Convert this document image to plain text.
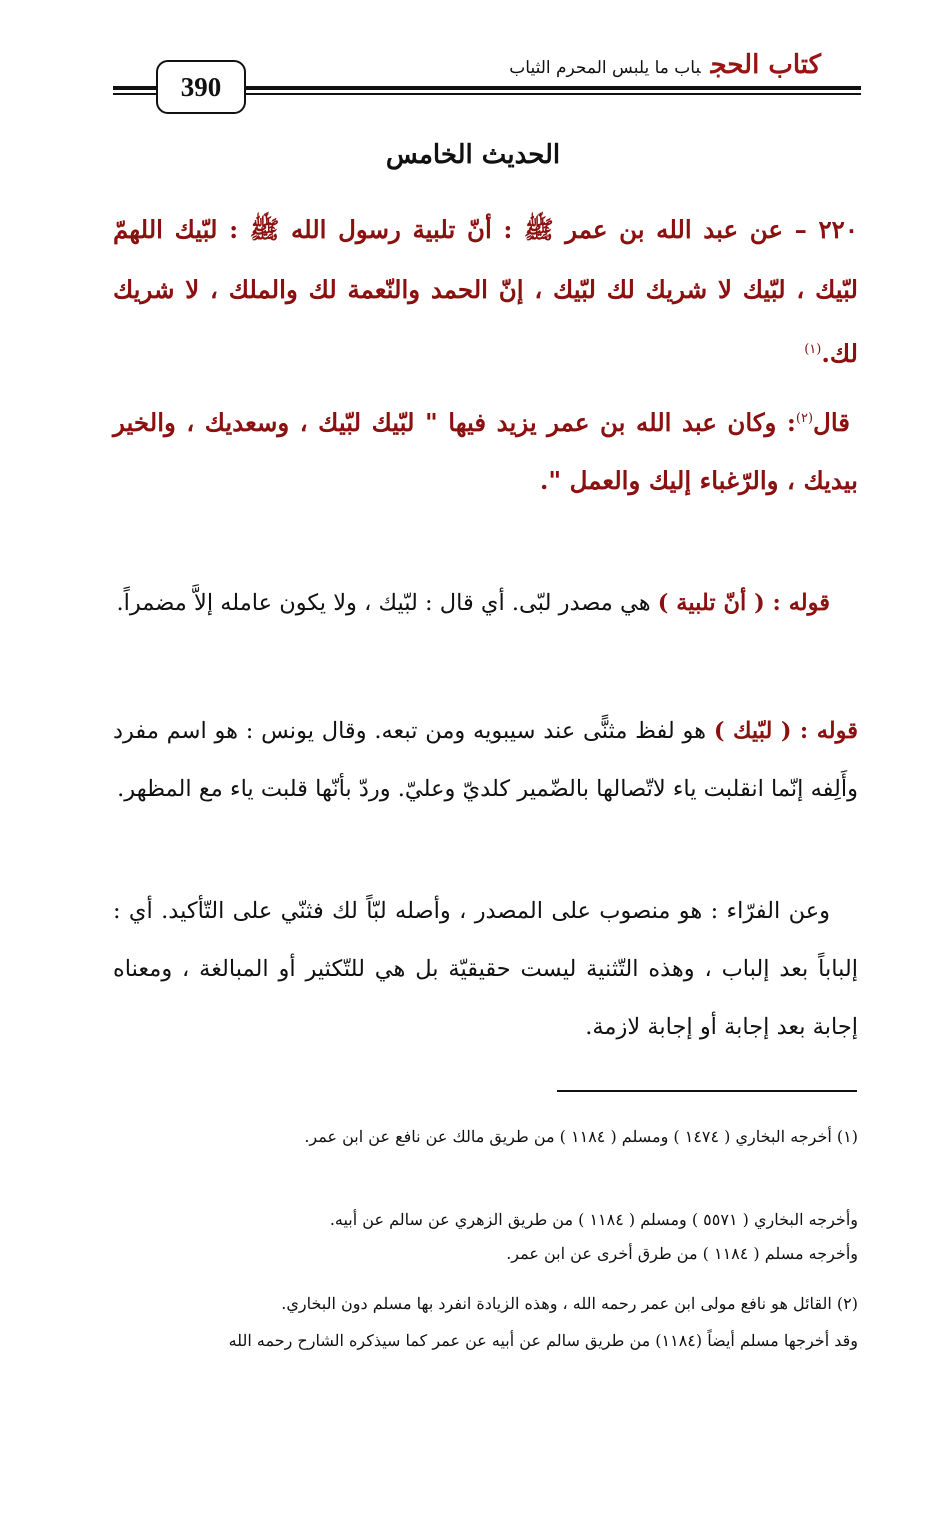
390
كتاب الحجباب ما يلبس المحرم الثياب
الحديث الخامس
٢٢٠ – عن عبد الله بن عمر ﷺ : أنّ تلبية رسول الله ﷺ : لبّيك اللهمّ لبّيك ، لبّيك لا شريك لك لبّيك ، إنّ الحمد والنّعمة لك والملك ، لا شريك لك.$^{(١)}$
قال$^{(٢)}$: وكان عبد الله بن عمر يزيد فيها " لبّيك لبّيك ، وسعديك ، والخير بيديك ، والرّغباء إليك والعمل ".
قوله : ( أنّ تلبية ) هي مصدر لبّى. أي قال : لبّيك ، ولا يكون عامله إلاَّ مضمراً.
قوله : ( لبّيك ) هو لفظ مثنًّى عند سيبويه ومن تبعه. وقال يونس : هو اسم مفرد وأَلِفه إنّما انقلبت ياء لاتّصالها بالضّمير كلديّ وعليّ. وردّ بأنّها قلبت ياء مع المظهر.
وعن الفرّاء : هو منصوب على المصدر ، وأصله لبّاً لك فثنّي على التّأكيد. أي : إلباباً بعد إلباب ، وهذه التّثنية ليست حقيقيّة بل هي للتّكثير أو المبالغة ، ومعناه إجابة بعد إجابة أو إجابة لازمة.
(١) أخرجه البخاري ( ١٤٧٤ ) ومسلم ( ١١٨٤ ) من طريق مالك عن نافع عن ابن عمر.
وأخرجه البخاري ( ٥٥٧١ ) ومسلم ( ١١٨٤ ) من طريق الزهري عن سالم عن أبيه.
وأخرجه مسلم ( ١١٨٤ ) من طرق أخرى عن ابن عمر.
(٢) القائل هو نافع مولى ابن عمر رحمه الله ، وهذه الزيادة انفرد بها مسلم دون البخاري.
وقد أخرجها مسلم أيضاً (١١٨٤) من طريق سالم عن أبيه عن عمر كما سيذكره الشارح رحمه الله
